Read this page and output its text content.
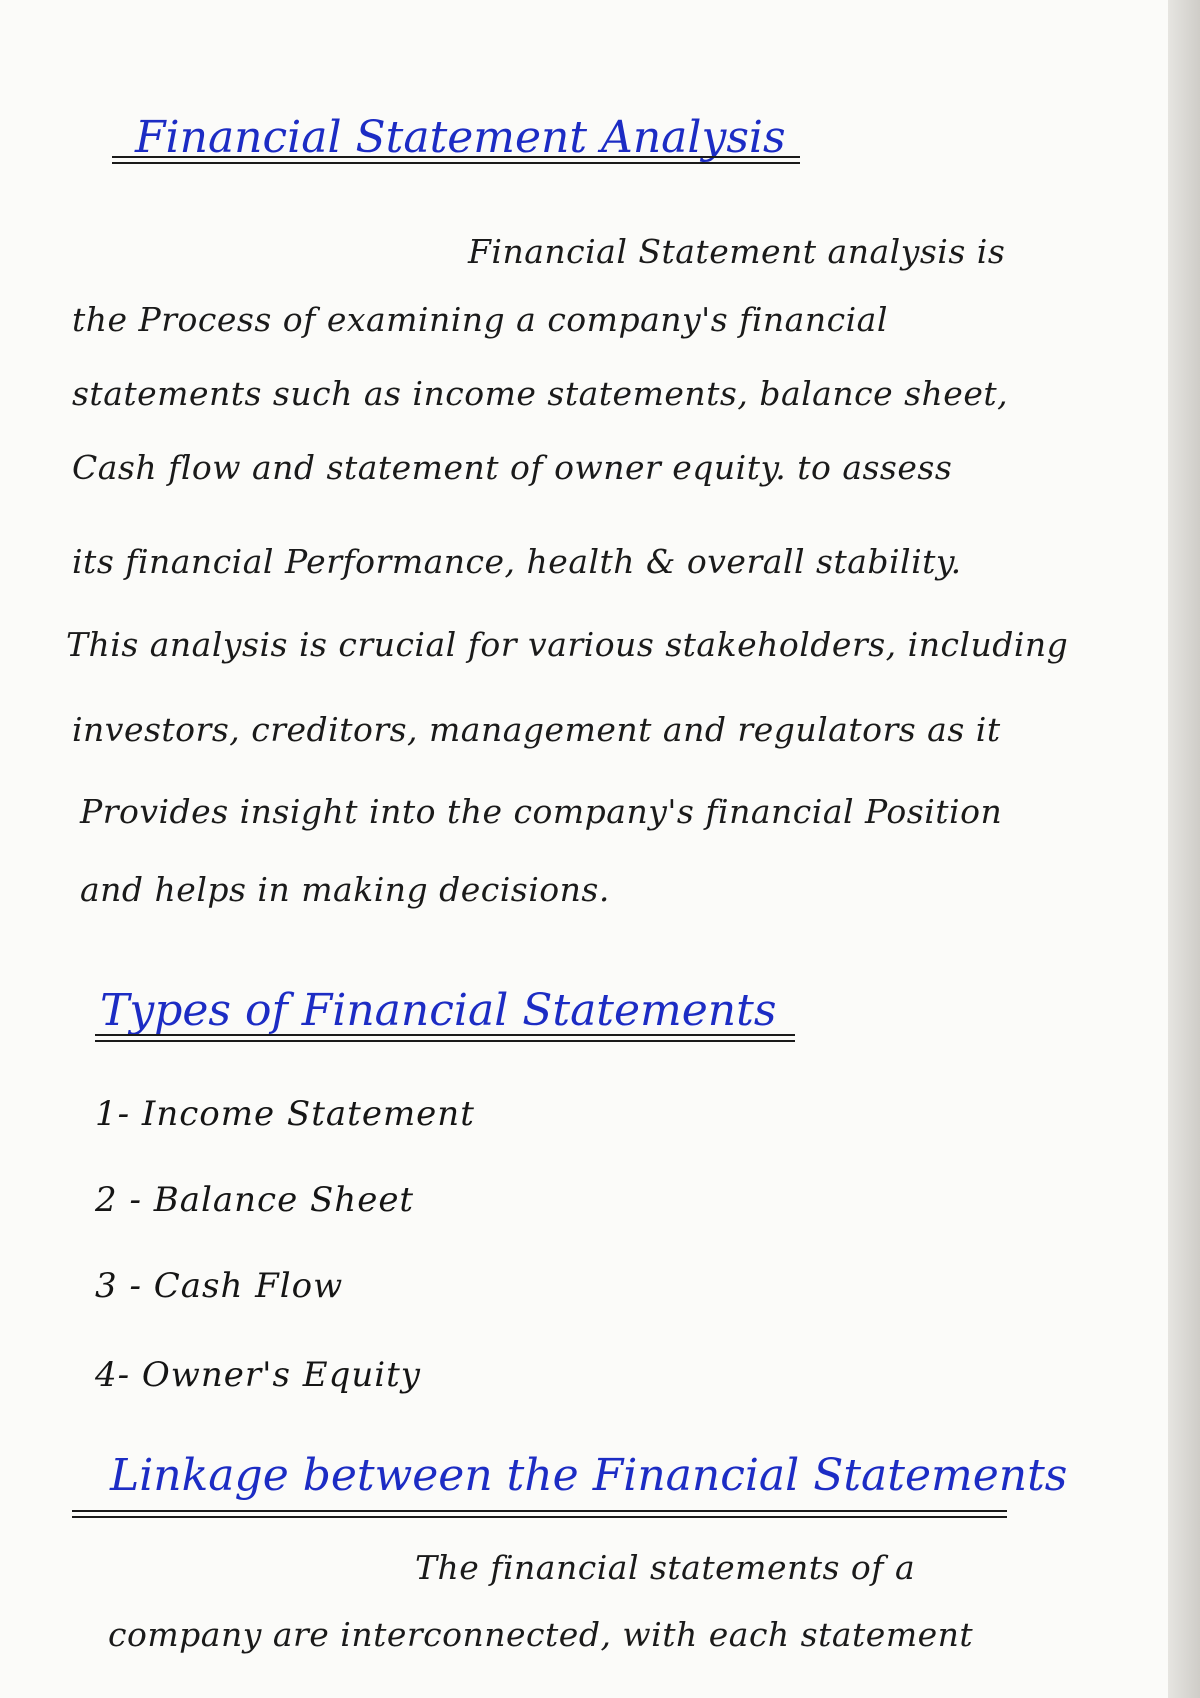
Financial Statement Analysis
Financial Statement analysis is
the Process of examining a company's financial
statements such as income statements, balance sheet,
Cash flow and statement of owner equity. to assess
its financial Performance, health & overall stability.
This analysis is crucial for various stakeholders, including
investors, creditors, management and regulators as it
Provides insight into the company's financial Position
and helps in making decisions.
Types of Financial Statements
1- Income Statement
2 - Balance Sheet
3 - Cash Flow
4- Owner's Equity
Linkage between the Financial Statements
The financial statements of a
company are interconnected, with each statement
